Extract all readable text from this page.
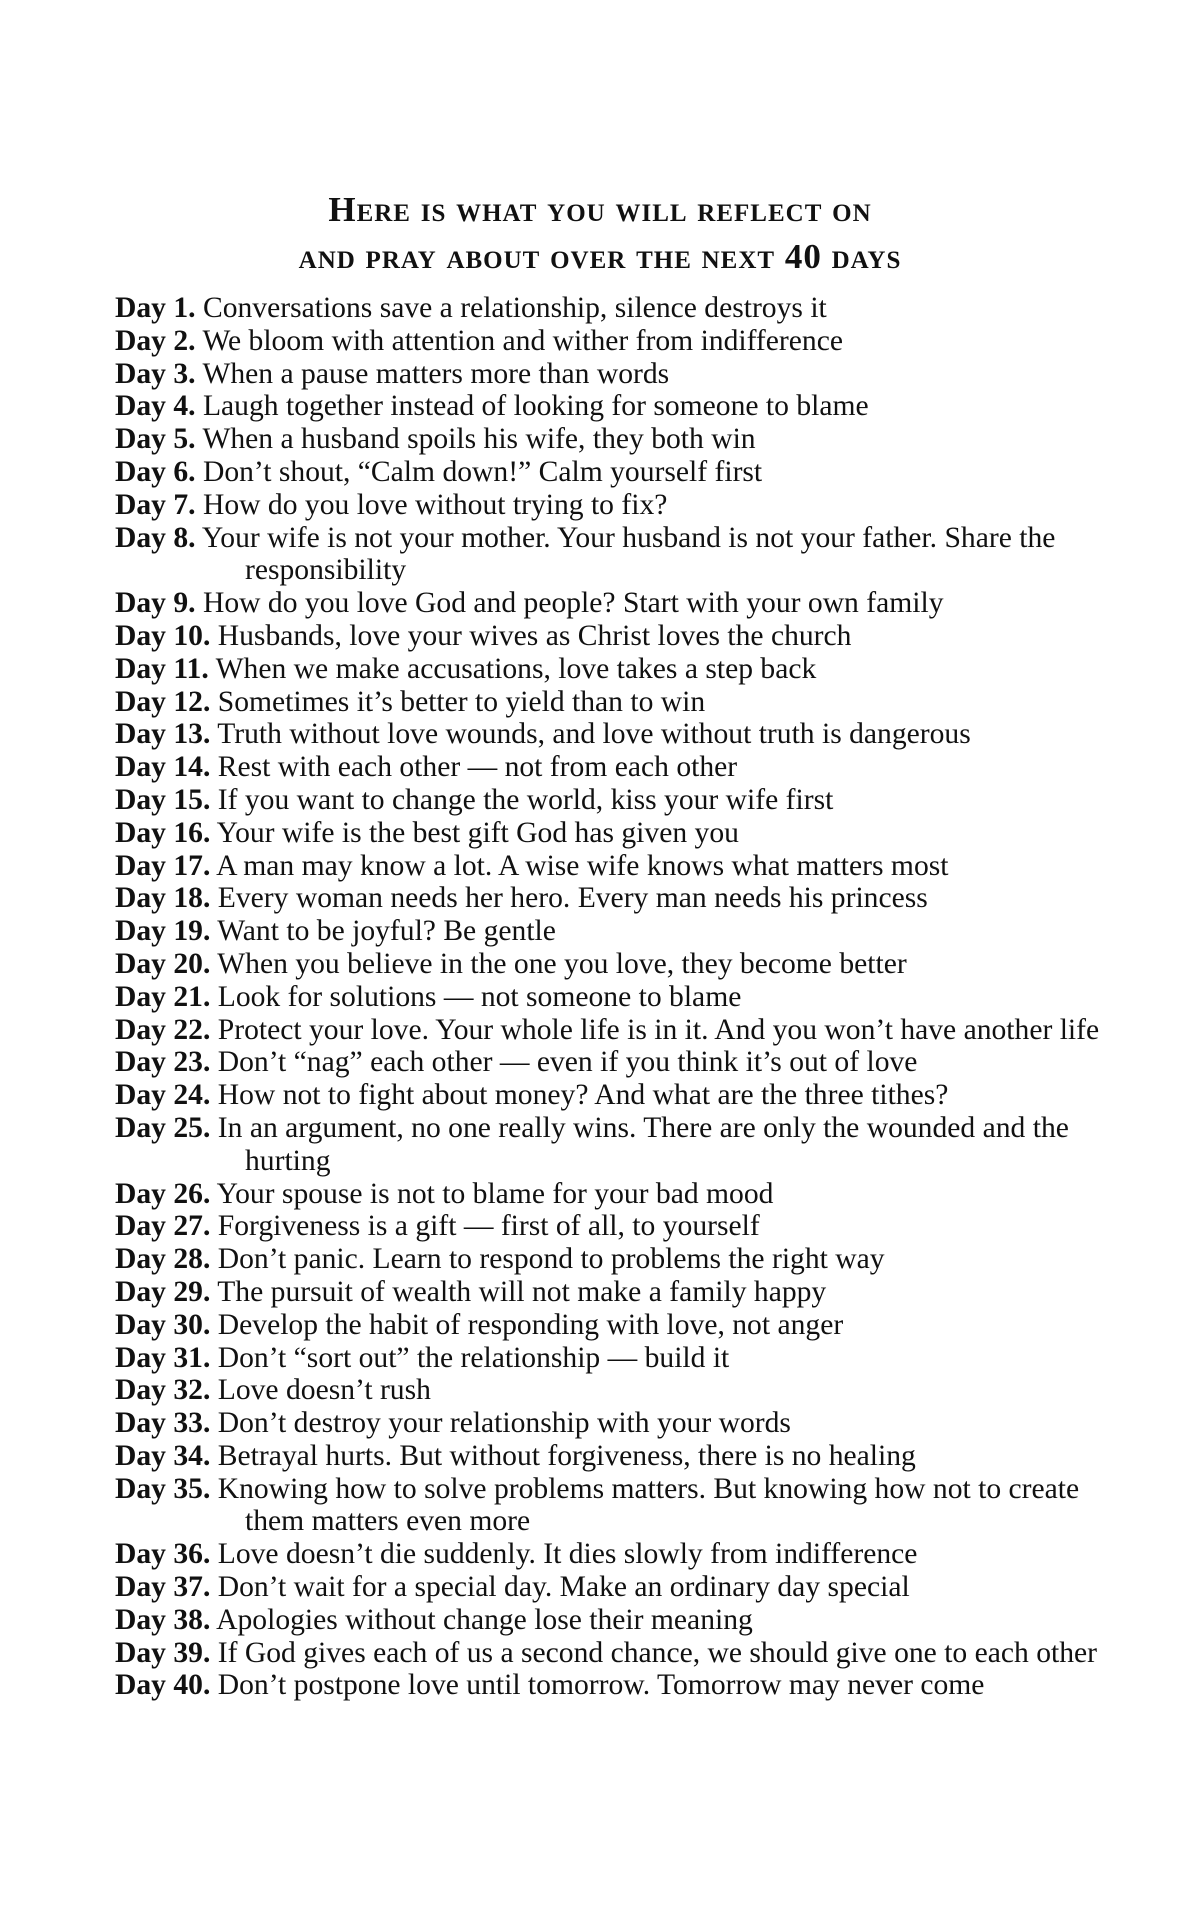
Here is what you will reflect on
and pray about over the next 40 days
Day 1. Conversations save a relationship, silence destroys it
Day 2. We bloom with attention and wither from indifference
Day 3. When a pause matters more than words
Day 4. Laugh together instead of looking for someone to blame
Day 5. When a husband spoils his wife, they both win
Day 6. Don’t shout, “Calm down!” Calm yourself first
Day 7. How do you love without trying to fix?
Day 8. Your wife is not your mother. Your husband is not your father. Share the responsibility
Day 9. How do you love God and people? Start with your own family
Day 10. Husbands, love your wives as Christ loves the church
Day 11. When we make accusations, love takes a step back
Day 12. Sometimes it’s better to yield than to win
Day 13. Truth without love wounds, and love without truth is dangerous
Day 14. Rest with each other — not from each other
Day 15. If you want to change the world, kiss your wife first
Day 16. Your wife is the best gift God has given you
Day 17. A man may know a lot. A wise wife knows what matters most
Day 18. Every woman needs her hero. Every man needs his princess
Day 19. Want to be joyful? Be gentle
Day 20. When you believe in the one you love, they become better
Day 21. Look for solutions — not someone to blame
Day 22. Protect your love. Your whole life is in it. And you won’t have another life
Day 23. Don’t “nag” each other — even if you think it’s out of love
Day 24. How not to fight about money? And what are the three tithes?
Day 25. In an argument, no one really wins. There are only the wounded and the hurting
Day 26. Your spouse is not to blame for your bad mood
Day 27. Forgiveness is a gift — first of all, to yourself
Day 28. Don’t panic. Learn to respond to problems the right way
Day 29. The pursuit of wealth will not make a family happy
Day 30. Develop the habit of responding with love, not anger
Day 31. Don’t “sort out” the relationship — build it
Day 32. Love doesn’t rush
Day 33. Don’t destroy your relationship with your words
Day 34. Betrayal hurts. But without forgiveness, there is no healing
Day 35. Knowing how to solve problems matters. But knowing how not to create them matters even more
Day 36. Love doesn’t die suddenly. It dies slowly from indifference
Day 37. Don’t wait for a special day. Make an ordinary day special
Day 38. Apologies without change lose their meaning
Day 39. If God gives each of us a second chance, we should give one to each other
Day 40. Don’t postpone love until tomorrow. Tomorrow may never come
